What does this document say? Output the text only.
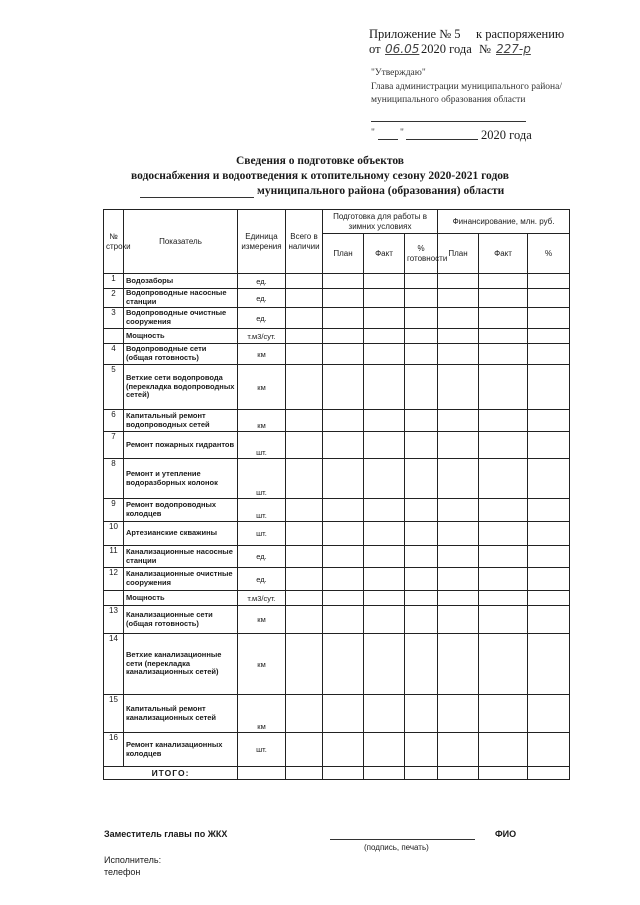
Приложение № 5 к распоряжению
от 06.05 2020 года № 227-р
"Утверждаю"
Глава администрации муниципального района/
муниципального образования области
"	"	2020 года
Сведения о подготовке объектов
водоснабжения и водоотведения к отопительному сезону 2020-2021 годов
муниципального района (образования) области
№ строки	Показатель	Единица измерения	Всего в наличии	Подготовка для работы в зимних условиях			Финансирование, млн. руб.		
				План	Факт	% готовности	План	Факт	%
1	Водозаборы	ед.							
2	Водопроводные насосные станции	ед.							
3	Водопроводные очистные сооружения	ед.							
	Мощность	т.м3/сут.							
4	Водопроводные сети (общая готовность)	км							
5	Ветхие сети водопровода (перекладка водопроводных сетей)	км							
6	Капитальный ремонт водопроводных сетей	км							
7	Ремонт пожарных гидрантов	шт.							
8	Ремонт и утепление водоразборных колонок	шт.							
9	Ремонт водопроводных колодцев	шт.							
10	Артезианские скважины	шт.							
11	Канализационные насосные станции	ед.							
12	Канализационные очистные сооружения	ед.							
	Мощность	т.м3/сут.							
13	Канализационные сети (общая готовность)	км							
14	Ветхие канализационные сети (перекладка канализационных сетей)	км							
15	Капитальный ремонт канализационных сетей	км							
16	Ремонт канализационных колодцев	шт.							
ИТОГО:									
Заместитель главы по ЖКХ	ФИО
(подпись, печать)
Исполнитель:
телефон
